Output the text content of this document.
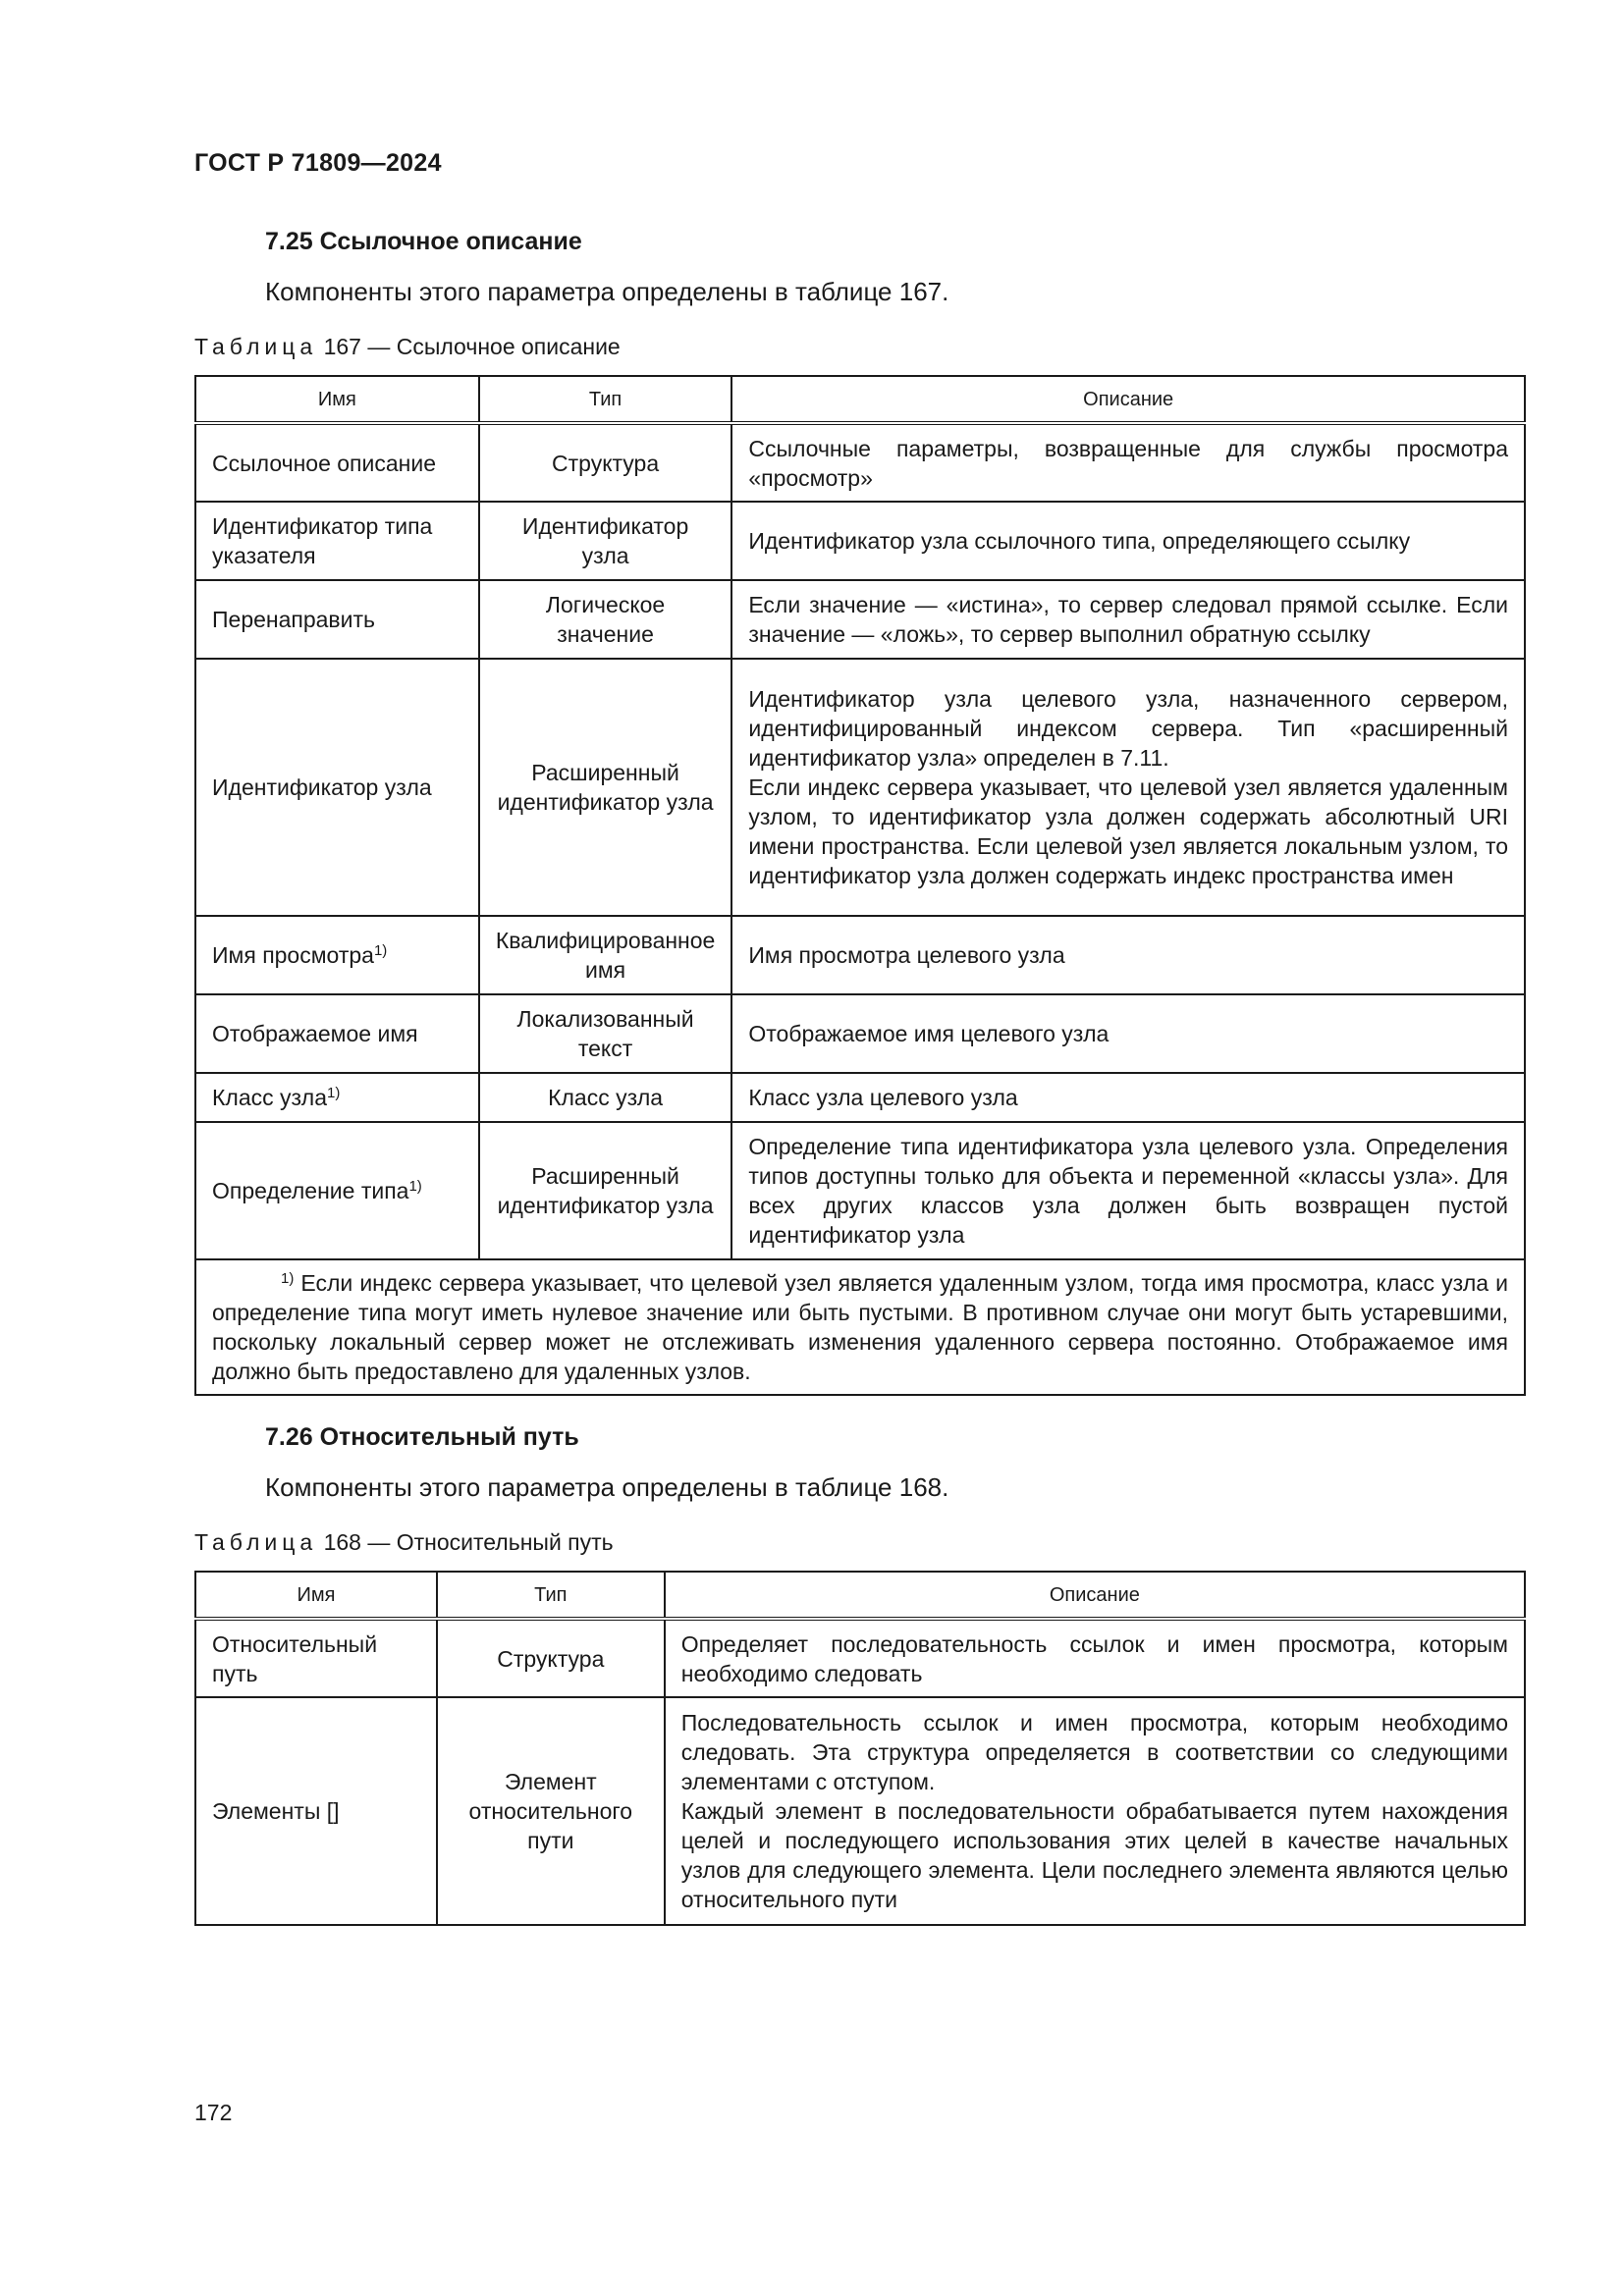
ГОСТ Р 71809—2024
7.25 Ссылочное описание
Компоненты этого параметра определены в таблице 167.
Таблица 167 — Ссылочное описание
Имя	Тип	Описание
Ссылочное описание	Структура	Ссылочные параметры, возвращенные для службы просмотра «просмотр»
Идентификатор типа указателя	Идентификатор узла	Идентификатор узла ссылочного типа, определяющего ссылку
Перенаправить	Логическое значение	Если значение — «истина», то сервер следовал прямой ссылке. Если значение — «ложь», то сервер выполнил обратную ссылку
Идентификатор узла	Расширенный идентификатор узла	Идентификатор узла целевого узла, назначенного сервером, идентифицированный индексом сервера. Тип «расширенный идентификатор узла» определен в 7.11.
Если индекс сервера указывает, что целевой узел является удаленным узлом, то идентификатор узла должен содержать абсолютный URI имени пространства. Если целевой узел является локальным узлом, то идентификатор узла должен содержать индекс пространства имен

Имя просмотра$^{1)}$	Квалифицированное имя	Имя просмотра целевого узла
Отображаемое имя	Локализованный текст	Отображаемое имя целевого узла
Класс узла$^{1)}$	Класс узла	Класс узла целевого узла
Определение типа$^{1)}$	Расширенный идентификатор узла	Определение типа идентификатора узла целевого узла. Определения типов доступны только для объекта и переменной «классы узла». Для всех других классов узла должен быть возвращен пустой идентификатор узла
$^{1)}$ Если индекс сервера указывает, что целевой узел является удаленным узлом, тогда имя просмотра, класс узла и определение типа могут иметь нулевое значение или быть пустыми. В противном случае они могут быть устаревшими, поскольку локальный сервер может не отслеживать изменения удаленного сервера постоянно. Отображаемое имя должно быть предоставлено для удаленных узлов.		
7.26 Относительный путь
Компоненты этого параметра определены в таблице 168.
Таблица 168 — Относительный путь
Имя	Тип	Описание
Относительный путь	Структура	Определяет последовательность ссылок и имен просмотра, которым необходимо следовать
Элементы []	Элемент относительного пути	Последовательность ссылок и имен просмотра, которым необходимо следовать. Эта структура определяется в соответствии со следующими элементами с отступом.
Каждый элемент в последовательности обрабатывается путем нахождения целей и последующего использования этих целей в качестве начальных узлов для следующего элемента. Цели последнего элемента являются целью относительного пути
172
